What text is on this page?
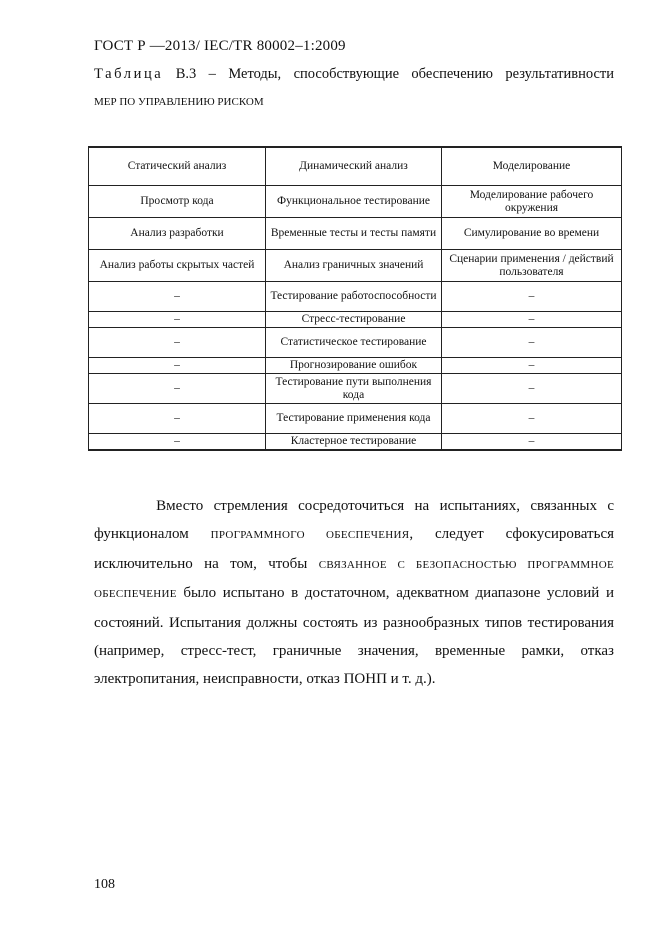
ГОСТ Р —2013/ IEC/TR 80002–1:2009
Таблица В.3 – Методы, способствующие обеспечению результативности
МЕР ПО УПРАВЛЕНИЮ РИСКОМ
Статический анализ	Динамический анализ	Моделирование
Просмотр кода	Функциональное тестирование	Моделирование рабочего окружения
Анализ разработки	Временные тесты и тесты памяти	Симулирование во времени
Анализ работы скрытых частей	Анализ граничных значений	Сценарии применения / действий пользователя
–	Тестирование работоспособности	–
–	Стресс-тестирование	–
–	Статистическое тестирование	–
–	Прогнозирование ошибок	–
–	Тестирование пути выполнения кода	–
–	Тестирование применения кода	–
–	Кластерное тестирование	–
Вместо стремления сосредоточиться на испытаниях, связанных с функционалом ПРОГРАММНОГО ОБЕСПЕЧЕНИЯ, следует сфокусироваться исключительно на том, чтобы СВЯЗАННОЕ С БЕЗОПАСНОСТЬЮ ПРОГРАММНОЕ ОБЕСПЕЧЕНИЕ было испытано в достаточном, адекватном диапазоне условий и состояний. Испытания должны состоять из разнообразных типов тестирования (например, стресс-тест, граничные значения, временные рамки, отказ электропитания, неисправности, отказ ПОНП и т. д.).
108
